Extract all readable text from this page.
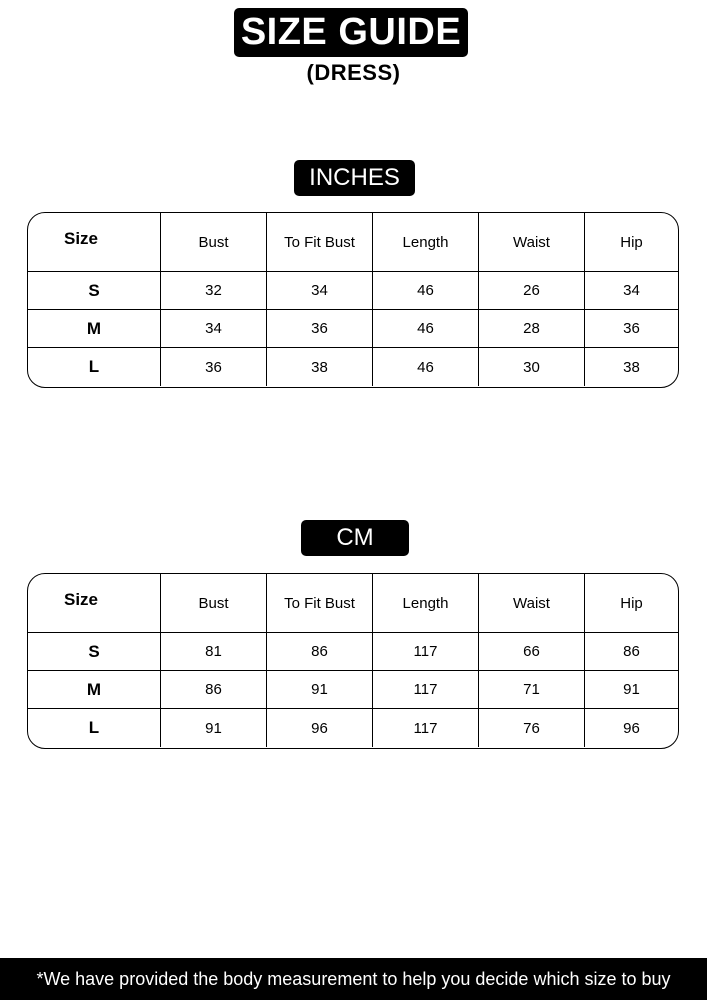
SIZE GUIDE
(DRESS)
INCHES
Size	Bust	To Fit Bust	Length	Waist	Hip
S	32	34	46	26	34
M	34	36	46	28	36
L	36	38	46	30	38
CM
Size	Bust	To Fit Bust	Length	Waist	Hip
S	81	86	117	66	86
M	86	91	117	71	91
L	91	96	117	76	96
*We have provided the body measurement to help you decide which size to buy
